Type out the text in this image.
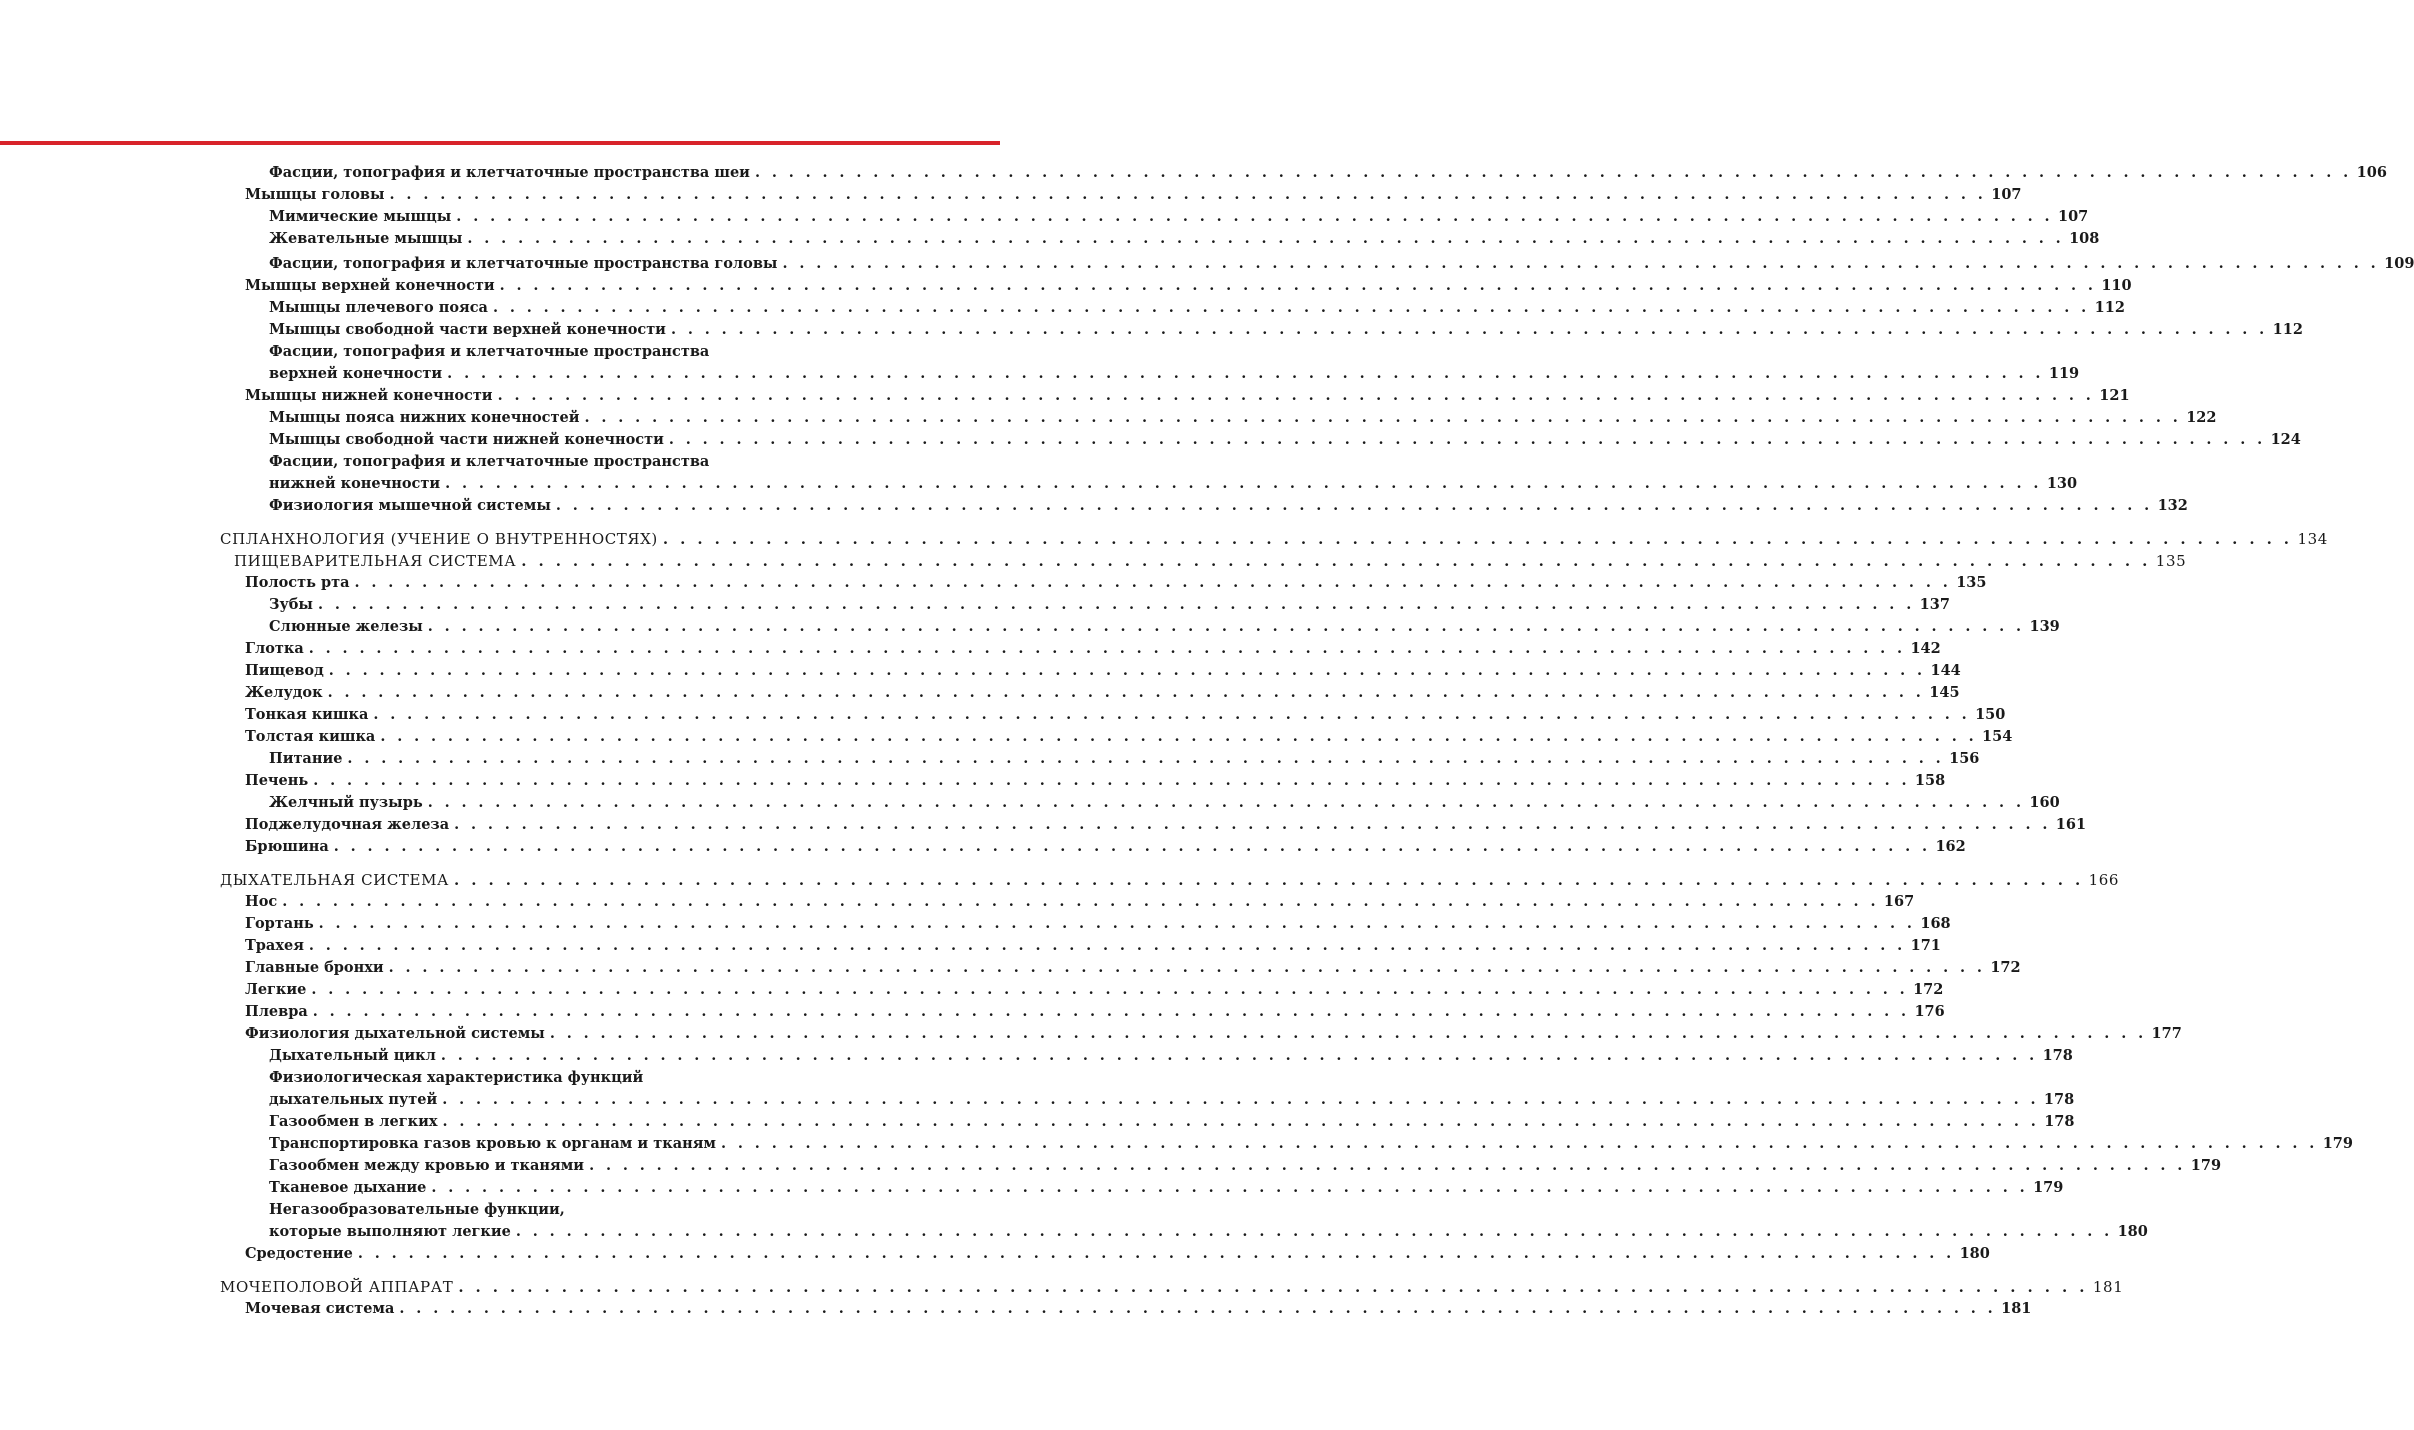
Фасции, топография и клетчаточные пространства шеи . . . . . . . . . . . . . . . . . . . . . . . . . . . . . . . . . . . . . . . . . . . . . . . . . . . . . . . . . . . . . . . . . . . . . . . . . . . . . . . . . . . . . . . . . . . . . . . 106
Мышцы головы . . . . . . . . . . . . . . . . . . . . . . . . . . . . . . . . . . . . . . . . . . . . . . . . . . . . . . . . . . . . . . . . . . . . . . . . . . . . . . . . . . . . . . . . . . . . . . . 107
Мимические мышцы . . . . . . . . . . . . . . . . . . . . . . . . . . . . . . . . . . . . . . . . . . . . . . . . . . . . . . . . . . . . . . . . . . . . . . . . . . . . . . . . . . . . . . . . . . . . . . . 107
Жевательные мышцы . . . . . . . . . . . . . . . . . . . . . . . . . . . . . . . . . . . . . . . . . . . . . . . . . . . . . . . . . . . . . . . . . . . . . . . . . . . . . . . . . . . . . . . . . . . . . . . 108
Фасции, топография и клетчаточные пространства головы . . . . . . . . . . . . . . . . . . . . . . . . . . . . . . . . . . . . . . . . . . . . . . . . . . . . . . . . . . . . . . . . . . . . . . . . . . . . . . . . . . . . . . . . . . . . . . . 109
Мышцы верхней конечности . . . . . . . . . . . . . . . . . . . . . . . . . . . . . . . . . . . . . . . . . . . . . . . . . . . . . . . . . . . . . . . . . . . . . . . . . . . . . . . . . . . . . . . . . . . . . . . 110
Мышцы плечевого пояса . . . . . . . . . . . . . . . . . . . . . . . . . . . . . . . . . . . . . . . . . . . . . . . . . . . . . . . . . . . . . . . . . . . . . . . . . . . . . . . . . . . . . . . . . . . . . . . 112
Мышцы свободной части верхней конечности . . . . . . . . . . . . . . . . . . . . . . . . . . . . . . . . . . . . . . . . . . . . . . . . . . . . . . . . . . . . . . . . . . . . . . . . . . . . . . . . . . . . . . . . . . . . . . . 112
Фасции, топография и клетчаточные пространства
верхней конечности . . . . . . . . . . . . . . . . . . . . . . . . . . . . . . . . . . . . . . . . . . . . . . . . . . . . . . . . . . . . . . . . . . . . . . . . . . . . . . . . . . . . . . . . . . . . . . . 119
Мышцы нижней конечности . . . . . . . . . . . . . . . . . . . . . . . . . . . . . . . . . . . . . . . . . . . . . . . . . . . . . . . . . . . . . . . . . . . . . . . . . . . . . . . . . . . . . . . . . . . . . . . 121
Мышцы пояса нижних конечностей . . . . . . . . . . . . . . . . . . . . . . . . . . . . . . . . . . . . . . . . . . . . . . . . . . . . . . . . . . . . . . . . . . . . . . . . . . . . . . . . . . . . . . . . . . . . . . . 122
Мышцы свободной части нижней конечности . . . . . . . . . . . . . . . . . . . . . . . . . . . . . . . . . . . . . . . . . . . . . . . . . . . . . . . . . . . . . . . . . . . . . . . . . . . . . . . . . . . . . . . . . . . . . . . 124
Фасции, топография и клетчаточные пространства
нижней конечности . . . . . . . . . . . . . . . . . . . . . . . . . . . . . . . . . . . . . . . . . . . . . . . . . . . . . . . . . . . . . . . . . . . . . . . . . . . . . . . . . . . . . . . . . . . . . . . 130
Физиология мышечной системы . . . . . . . . . . . . . . . . . . . . . . . . . . . . . . . . . . . . . . . . . . . . . . . . . . . . . . . . . . . . . . . . . . . . . . . . . . . . . . . . . . . . . . . . . . . . . . . 132
СПЛАНХНОЛОГИЯ (УЧЕНИЕ О ВНУТРЕННОСТЯХ) . . . . . . . . . . . . . . . . . . . . . . . . . . . . . . . . . . . . . . . . . . . . . . . . . . . . . . . . . . . . . . . . . . . . . . . . . . . . . . . . . . . . . . . . . . . . . . . 134
ПИЩЕВАРИТЕЛЬНАЯ СИСТЕМА . . . . . . . . . . . . . . . . . . . . . . . . . . . . . . . . . . . . . . . . . . . . . . . . . . . . . . . . . . . . . . . . . . . . . . . . . . . . . . . . . . . . . . . . . . . . . . . 135
Полость рта . . . . . . . . . . . . . . . . . . . . . . . . . . . . . . . . . . . . . . . . . . . . . . . . . . . . . . . . . . . . . . . . . . . . . . . . . . . . . . . . . . . . . . . . . . . . . . . 135
Зубы . . . . . . . . . . . . . . . . . . . . . . . . . . . . . . . . . . . . . . . . . . . . . . . . . . . . . . . . . . . . . . . . . . . . . . . . . . . . . . . . . . . . . . . . . . . . . . . 137
Слюнные железы . . . . . . . . . . . . . . . . . . . . . . . . . . . . . . . . . . . . . . . . . . . . . . . . . . . . . . . . . . . . . . . . . . . . . . . . . . . . . . . . . . . . . . . . . . . . . . . 139
Глотка . . . . . . . . . . . . . . . . . . . . . . . . . . . . . . . . . . . . . . . . . . . . . . . . . . . . . . . . . . . . . . . . . . . . . . . . . . . . . . . . . . . . . . . . . . . . . . . 142
Пищевод . . . . . . . . . . . . . . . . . . . . . . . . . . . . . . . . . . . . . . . . . . . . . . . . . . . . . . . . . . . . . . . . . . . . . . . . . . . . . . . . . . . . . . . . . . . . . . . 144
Желудок . . . . . . . . . . . . . . . . . . . . . . . . . . . . . . . . . . . . . . . . . . . . . . . . . . . . . . . . . . . . . . . . . . . . . . . . . . . . . . . . . . . . . . . . . . . . . . . 145
Тонкая кишка . . . . . . . . . . . . . . . . . . . . . . . . . . . . . . . . . . . . . . . . . . . . . . . . . . . . . . . . . . . . . . . . . . . . . . . . . . . . . . . . . . . . . . . . . . . . . . . 150
Толстая кишка . . . . . . . . . . . . . . . . . . . . . . . . . . . . . . . . . . . . . . . . . . . . . . . . . . . . . . . . . . . . . . . . . . . . . . . . . . . . . . . . . . . . . . . . . . . . . . . 154
Питание . . . . . . . . . . . . . . . . . . . . . . . . . . . . . . . . . . . . . . . . . . . . . . . . . . . . . . . . . . . . . . . . . . . . . . . . . . . . . . . . . . . . . . . . . . . . . . . 156
Печень . . . . . . . . . . . . . . . . . . . . . . . . . . . . . . . . . . . . . . . . . . . . . . . . . . . . . . . . . . . . . . . . . . . . . . . . . . . . . . . . . . . . . . . . . . . . . . . 158
Желчный пузырь . . . . . . . . . . . . . . . . . . . . . . . . . . . . . . . . . . . . . . . . . . . . . . . . . . . . . . . . . . . . . . . . . . . . . . . . . . . . . . . . . . . . . . . . . . . . . . . 160
Поджелудочная железа . . . . . . . . . . . . . . . . . . . . . . . . . . . . . . . . . . . . . . . . . . . . . . . . . . . . . . . . . . . . . . . . . . . . . . . . . . . . . . . . . . . . . . . . . . . . . . . 161
Брюшина . . . . . . . . . . . . . . . . . . . . . . . . . . . . . . . . . . . . . . . . . . . . . . . . . . . . . . . . . . . . . . . . . . . . . . . . . . . . . . . . . . . . . . . . . . . . . . . 162
ДЫХАТЕЛЬНАЯ СИСТЕМА . . . . . . . . . . . . . . . . . . . . . . . . . . . . . . . . . . . . . . . . . . . . . . . . . . . . . . . . . . . . . . . . . . . . . . . . . . . . . . . . . . . . . . . . . . . . . . . 166
Нос . . . . . . . . . . . . . . . . . . . . . . . . . . . . . . . . . . . . . . . . . . . . . . . . . . . . . . . . . . . . . . . . . . . . . . . . . . . . . . . . . . . . . . . . . . . . . . . 167
Гортань . . . . . . . . . . . . . . . . . . . . . . . . . . . . . . . . . . . . . . . . . . . . . . . . . . . . . . . . . . . . . . . . . . . . . . . . . . . . . . . . . . . . . . . . . . . . . . . 168
Трахея . . . . . . . . . . . . . . . . . . . . . . . . . . . . . . . . . . . . . . . . . . . . . . . . . . . . . . . . . . . . . . . . . . . . . . . . . . . . . . . . . . . . . . . . . . . . . . . 171
Главные бронхи . . . . . . . . . . . . . . . . . . . . . . . . . . . . . . . . . . . . . . . . . . . . . . . . . . . . . . . . . . . . . . . . . . . . . . . . . . . . . . . . . . . . . . . . . . . . . . . 172
Легкие . . . . . . . . . . . . . . . . . . . . . . . . . . . . . . . . . . . . . . . . . . . . . . . . . . . . . . . . . . . . . . . . . . . . . . . . . . . . . . . . . . . . . . . . . . . . . . . 172
Плевра . . . . . . . . . . . . . . . . . . . . . . . . . . . . . . . . . . . . . . . . . . . . . . . . . . . . . . . . . . . . . . . . . . . . . . . . . . . . . . . . . . . . . . . . . . . . . . . 176
Физиология дыхательной системы . . . . . . . . . . . . . . . . . . . . . . . . . . . . . . . . . . . . . . . . . . . . . . . . . . . . . . . . . . . . . . . . . . . . . . . . . . . . . . . . . . . . . . . . . . . . . . . 177
Дыхательный цикл . . . . . . . . . . . . . . . . . . . . . . . . . . . . . . . . . . . . . . . . . . . . . . . . . . . . . . . . . . . . . . . . . . . . . . . . . . . . . . . . . . . . . . . . . . . . . . . 178
Физиологическая характеристика функций
дыхательных путей . . . . . . . . . . . . . . . . . . . . . . . . . . . . . . . . . . . . . . . . . . . . . . . . . . . . . . . . . . . . . . . . . . . . . . . . . . . . . . . . . . . . . . . . . . . . . . . 178
Газообмен в легких . . . . . . . . . . . . . . . . . . . . . . . . . . . . . . . . . . . . . . . . . . . . . . . . . . . . . . . . . . . . . . . . . . . . . . . . . . . . . . . . . . . . . . . . . . . . . . . 178
Транспортировка газов кровью к органам и тканям . . . . . . . . . . . . . . . . . . . . . . . . . . . . . . . . . . . . . . . . . . . . . . . . . . . . . . . . . . . . . . . . . . . . . . . . . . . . . . . . . . . . . . . . . . . . . . . 179
Газообмен между кровью и тканями . . . . . . . . . . . . . . . . . . . . . . . . . . . . . . . . . . . . . . . . . . . . . . . . . . . . . . . . . . . . . . . . . . . . . . . . . . . . . . . . . . . . . . . . . . . . . . . 179
Тканевое дыхание . . . . . . . . . . . . . . . . . . . . . . . . . . . . . . . . . . . . . . . . . . . . . . . . . . . . . . . . . . . . . . . . . . . . . . . . . . . . . . . . . . . . . . . . . . . . . . . 179
Негазообразовательные функции,
которые выполняют легкие . . . . . . . . . . . . . . . . . . . . . . . . . . . . . . . . . . . . . . . . . . . . . . . . . . . . . . . . . . . . . . . . . . . . . . . . . . . . . . . . . . . . . . . . . . . . . . . 180
Средостение . . . . . . . . . . . . . . . . . . . . . . . . . . . . . . . . . . . . . . . . . . . . . . . . . . . . . . . . . . . . . . . . . . . . . . . . . . . . . . . . . . . . . . . . . . . . . . . 180
МОЧЕПОЛОВОЙ АППАРАТ . . . . . . . . . . . . . . . . . . . . . . . . . . . . . . . . . . . . . . . . . . . . . . . . . . . . . . . . . . . . . . . . . . . . . . . . . . . . . . . . . . . . . . . . . . . . . . . 181
Мочевая система . . . . . . . . . . . . . . . . . . . . . . . . . . . . . . . . . . . . . . . . . . . . . . . . . . . . . . . . . . . . . . . . . . . . . . . . . . . . . . . . . . . . . . . . . . . . . . . 181
